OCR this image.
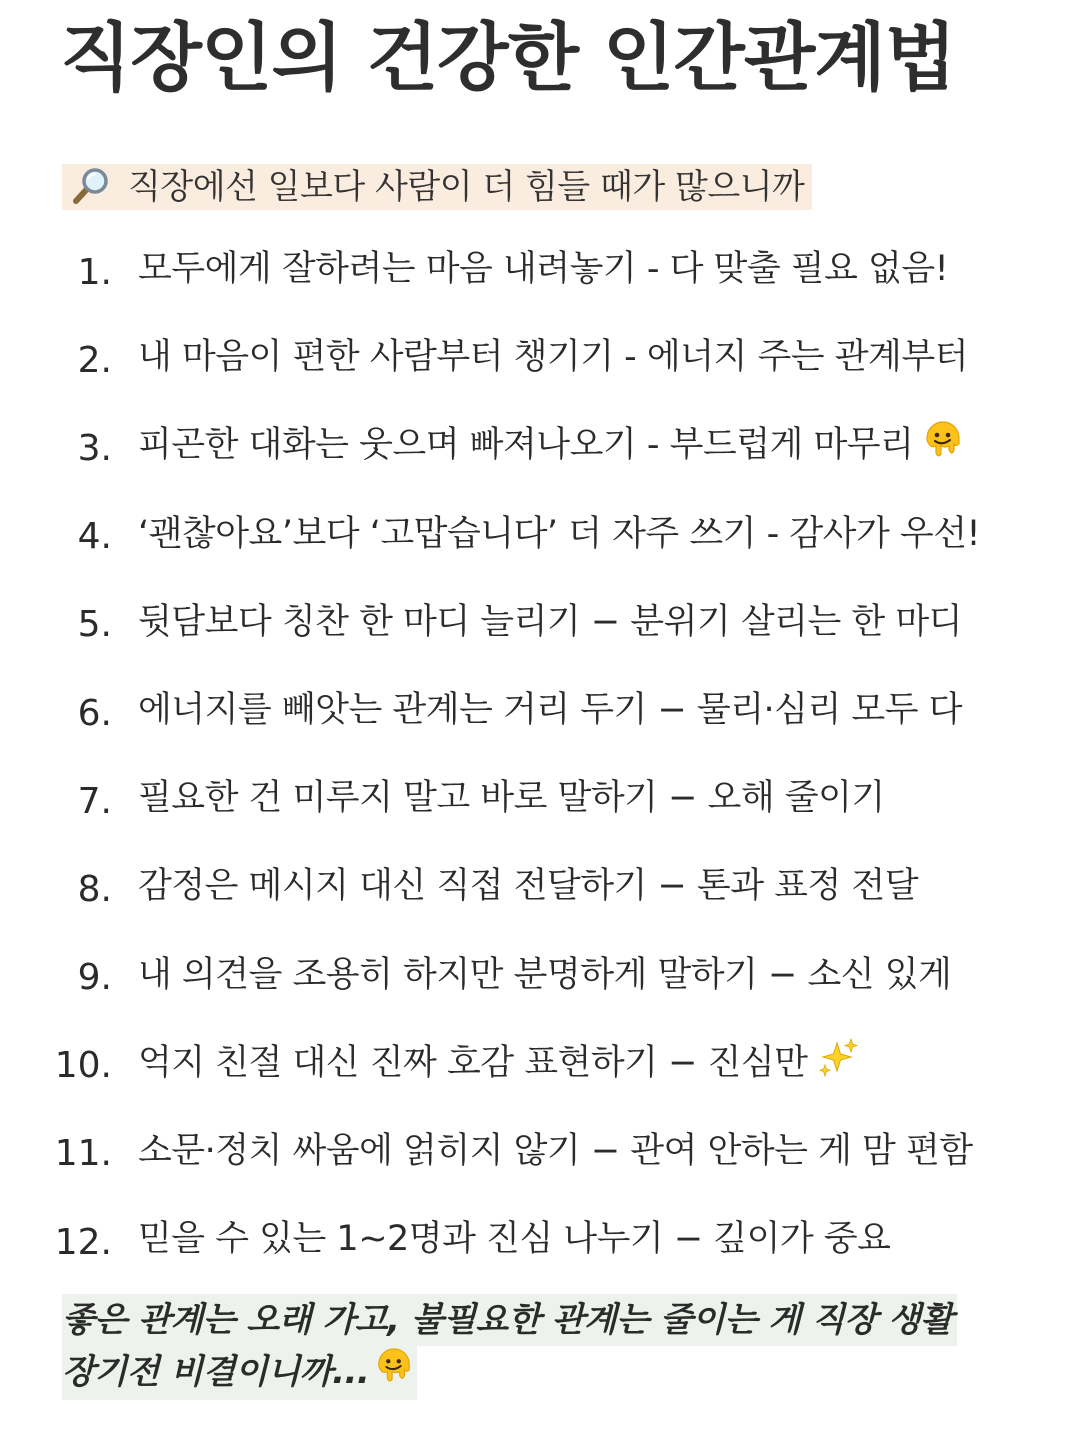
직장인의 건강한 인간관계법
직장에선 일보다 사람이 더 힘들 때가 많으니까
1. 모두에게 잘하려는 마음 내려놓기 - 다 맞출 필요 없음!
2. 내 마음이 편한 사람부터 챙기기 - 에너지 주는 관계부터
3. 피곤한 대화는 웃으며 빠져나오기 - 부드럽게 마무리
4. ‘괜찮아요’보다 ‘고맙습니다’ 더 자주 쓰기 - 감사가 우선!
5. 뒷담보다 칭찬 한 마디 늘리기 − 분위기 살리는 한 마디
6. 에너지를 빼앗는 관계는 거리 두기 − 물리·심리 모두 다
7. 필요한 건 미루지 말고 바로 말하기 − 오해 줄이기
8. 감정은 메시지 대신 직접 전달하기 − 톤과 표정 전달
9. 내 의견을 조용히 하지만 분명하게 말하기 − 소신 있게
10. 억지 친절 대신 진짜 호감 표현하기 − 진심만
11. 소문·정치 싸움에 얽히지 않기 − 관여 안하는 게 맘 편함
12. 믿을 수 있는 1~2명과 진심 나누기 − 깊이가 중요
좋은 관계는 오래 가고, 불필요한 관계는 줄이는 게 직장 생활
장기전 비결이니까...
